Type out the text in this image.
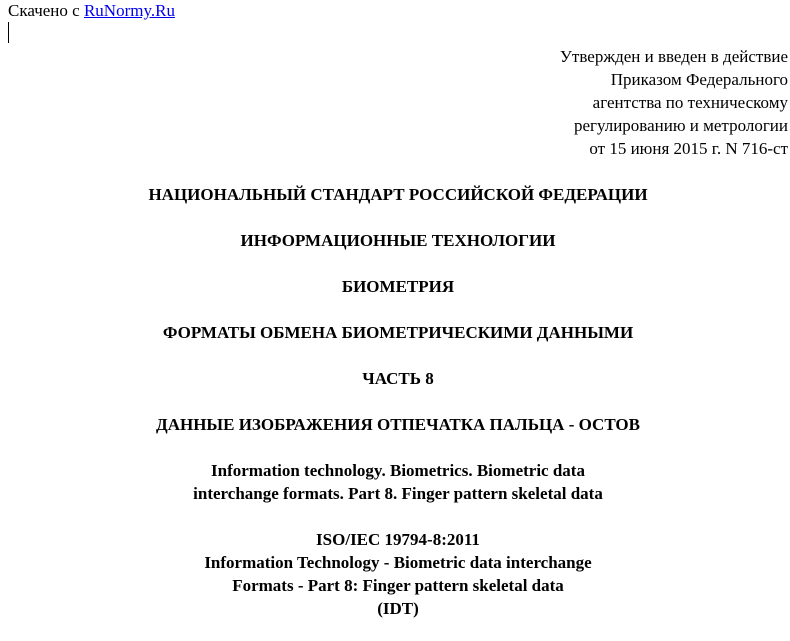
Скачено с RuNormy.Ru
Утвержден и введен в действие
Приказом Федерального
агентства по техническому
регулированию и метрологии
от 15 июня 2015 г. N 716-ст
НАЦИОНАЛЬНЫЙ СТАНДАРТ РОССИЙСКОЙ ФЕДЕРАЦИИ
ИНФОРМАЦИОННЫЕ ТЕХНОЛОГИИ
БИОМЕТРИЯ
ФОРМАТЫ ОБМЕНА БИОМЕТРИЧЕСКИМИ ДАННЫМИ
ЧАСТЬ 8
ДАННЫЕ ИЗОБРАЖЕНИЯ ОТПЕЧАТКА ПАЛЬЦА - ОСТОВ
Information technology. Biometrics. Biometric data
interchange formats. Part 8. Finger pattern skeletal data
ISO/IEC 19794-8:2011
Information Technology - Biometric data interchange
Formats - Part 8: Finger pattern skeletal data
(IDT)
